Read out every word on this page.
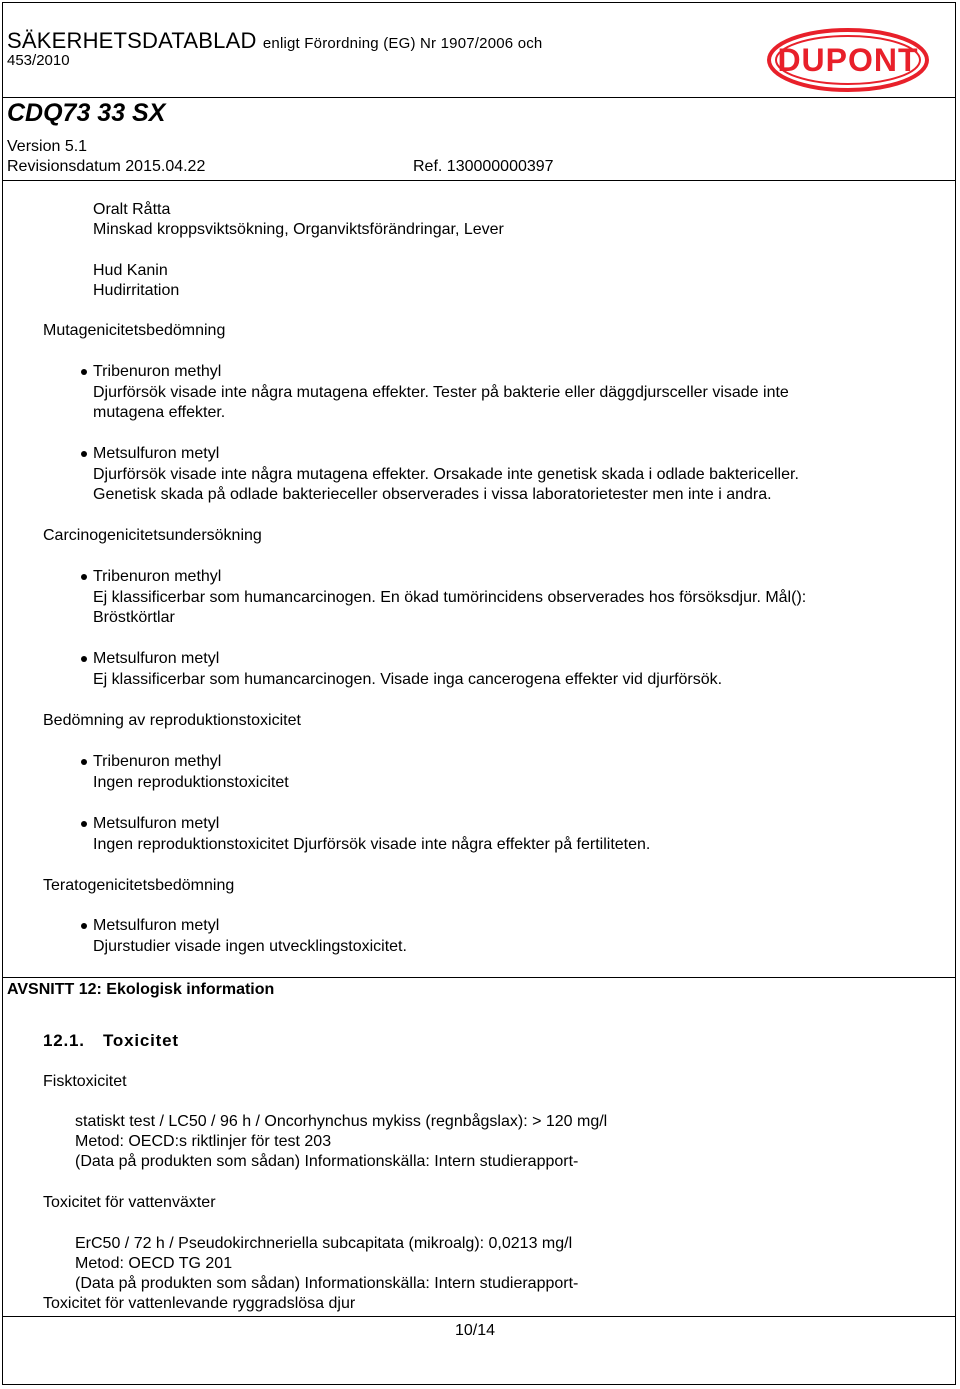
SÄKERHETSDATABLAD enligt Förordning (EG) Nr 1907/2006 och
453/2010	DUPONT
CDQ73 33 SX
Version 5.1
Revisionsdatum 2015.04.22	Ref. 130000000397
Oralt Råtta
Minskad kroppsviktsökning, Organviktsförändringar, Lever
Hud Kanin
Hudirritation
Mutagenicitetsbedömning
Tribenuron methyl
Djurförsök visade inte några mutagena effekter. Tester på bakterie eller däggdjursceller visade inte
mutagena effekter.
Metsulfuron metyl
Djurförsök visade inte några mutagena effekter. Orsakade inte genetisk skada i odlade baktericeller.
Genetisk skada på odlade bakterieceller observerades i vissa laboratorietester men inte i andra.
Carcinogenicitetsundersökning
Tribenuron methyl
Ej klassificerbar som humancarcinogen. En ökad tumörincidens observerades hos försöksdjur. Mål():
Bröstkörtlar
Metsulfuron metyl
Ej klassificerbar som humancarcinogen. Visade inga cancerogena effekter vid djurförsök.
Bedömning av reproduktionstoxicitet
Tribenuron methyl
Ingen reproduktionstoxicitet
Metsulfuron metyl
Ingen reproduktionstoxicitet Djurförsök visade inte några effekter på fertiliteten.
Teratogenicitetsbedömning
Metsulfuron metyl
Djurstudier visade ingen utvecklingstoxicitet.
AVSNITT 12: Ekologisk information
12.1. Toxicitet
Fisktoxicitet
statiskt test / LC50 / 96 h / Oncorhynchus mykiss (regnbågslax): > 120 mg/l
Metod: OECD:s riktlinjer för test 203
(Data på produkten som sådan) Informationskälla: Intern studierapport-
Toxicitet för vattenväxter
ErC50 / 72 h / Pseudokirchneriella subcapitata (mikroalg): 0,0213 mg/l
Metod: OECD TG 201
(Data på produkten som sådan) Informationskälla: Intern studierapport-
Toxicitet för vattenlevande ryggradslösa djur
10/14
